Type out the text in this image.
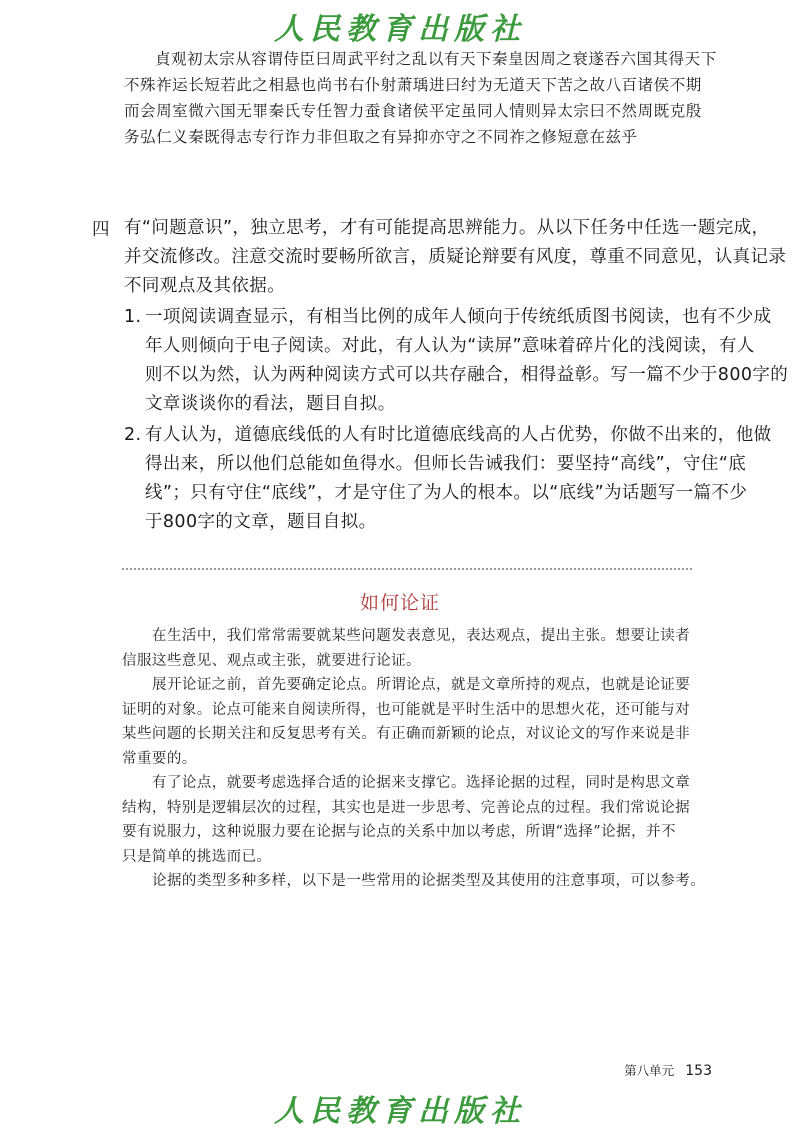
人民教育出版社

貞观初太宗从容谓侍臣曰周武平纣之乱以有天下秦皇因周之衰遂吞六国其得天下

不殊祚运长短若此之相悬也尚书右仆射萧瑀进曰纣为无道天下苦之故八百诸侯不期

而会周室微六国无罪秦氏专任智力蚕食诸侯平定虽同人情则异太宗曰不然周既克殷

务弘仁义秦既得志专行诈力非但取之有异抑亦守之不同祚之修短意在兹乎

四 有“问题意识”，独立思考，才有可能提高思辨能力。从以下任务中任选一题完成，

并交流修改。注意交流时要畅所欲言，质疑论辩要有风度，尊重不同意见，认真记录

不同观点及其依据。

1. 一项阅读调查显示，有相当比例的成年人倾向于传统纸质图书阅读，也有不少成

年人则倾向于电子阅读。对此，有人认为“读屏”意味着碎片化的浅阅读，有人

则不以为然，认为两种阅读方式可以共存融合，相得益彰。写一篇不少于800字的

文章谈谈你的看法，题目自拟。

2. 有人认为，道德底线低的人有时比道德底线高的人占优势，你做不出来的，他做

得出来，所以他们总能如鱼得水。但师长告诫我们：要坚持“高线”，守住“底

线”；只有守住“底线”，才是守住了为人的根本。以“底线”为话题写一篇不少

于800字的文章，题目自拟。

如何论证

在生活中，我们常常需要就某些问题发表意见，表达观点，提出主张。想要让读者

信服这些意见、观点或主张，就要进行论证。

展开论证之前，首先要确定论点。所谓论点，就是文章所持的观点，也就是论证要

证明的对象。论点可能来自阅读所得，也可能就是平时生活中的思想火花，还可能与对

某些问题的长期关注和反复思考有关。有正确而新颖的论点，对议论文的写作来说是非

常重要的。

有了论点，就要考虑选择合适的论据来支撑它。选择论据的过程，同时是构思文章

结构，特别是逻辑层次的过程，其实也是进一步思考、完善论点的过程。我们常说论据

要有说服力，这种说服力要在论据与论点的关系中加以考虑，所谓“选择”论据，并不

只是简单的挑选而已。

论据的类型多种多样，以下是一些常用的论据类型及其使用的注意事项，可以参考。

第八单元 153
人民教育出版社
